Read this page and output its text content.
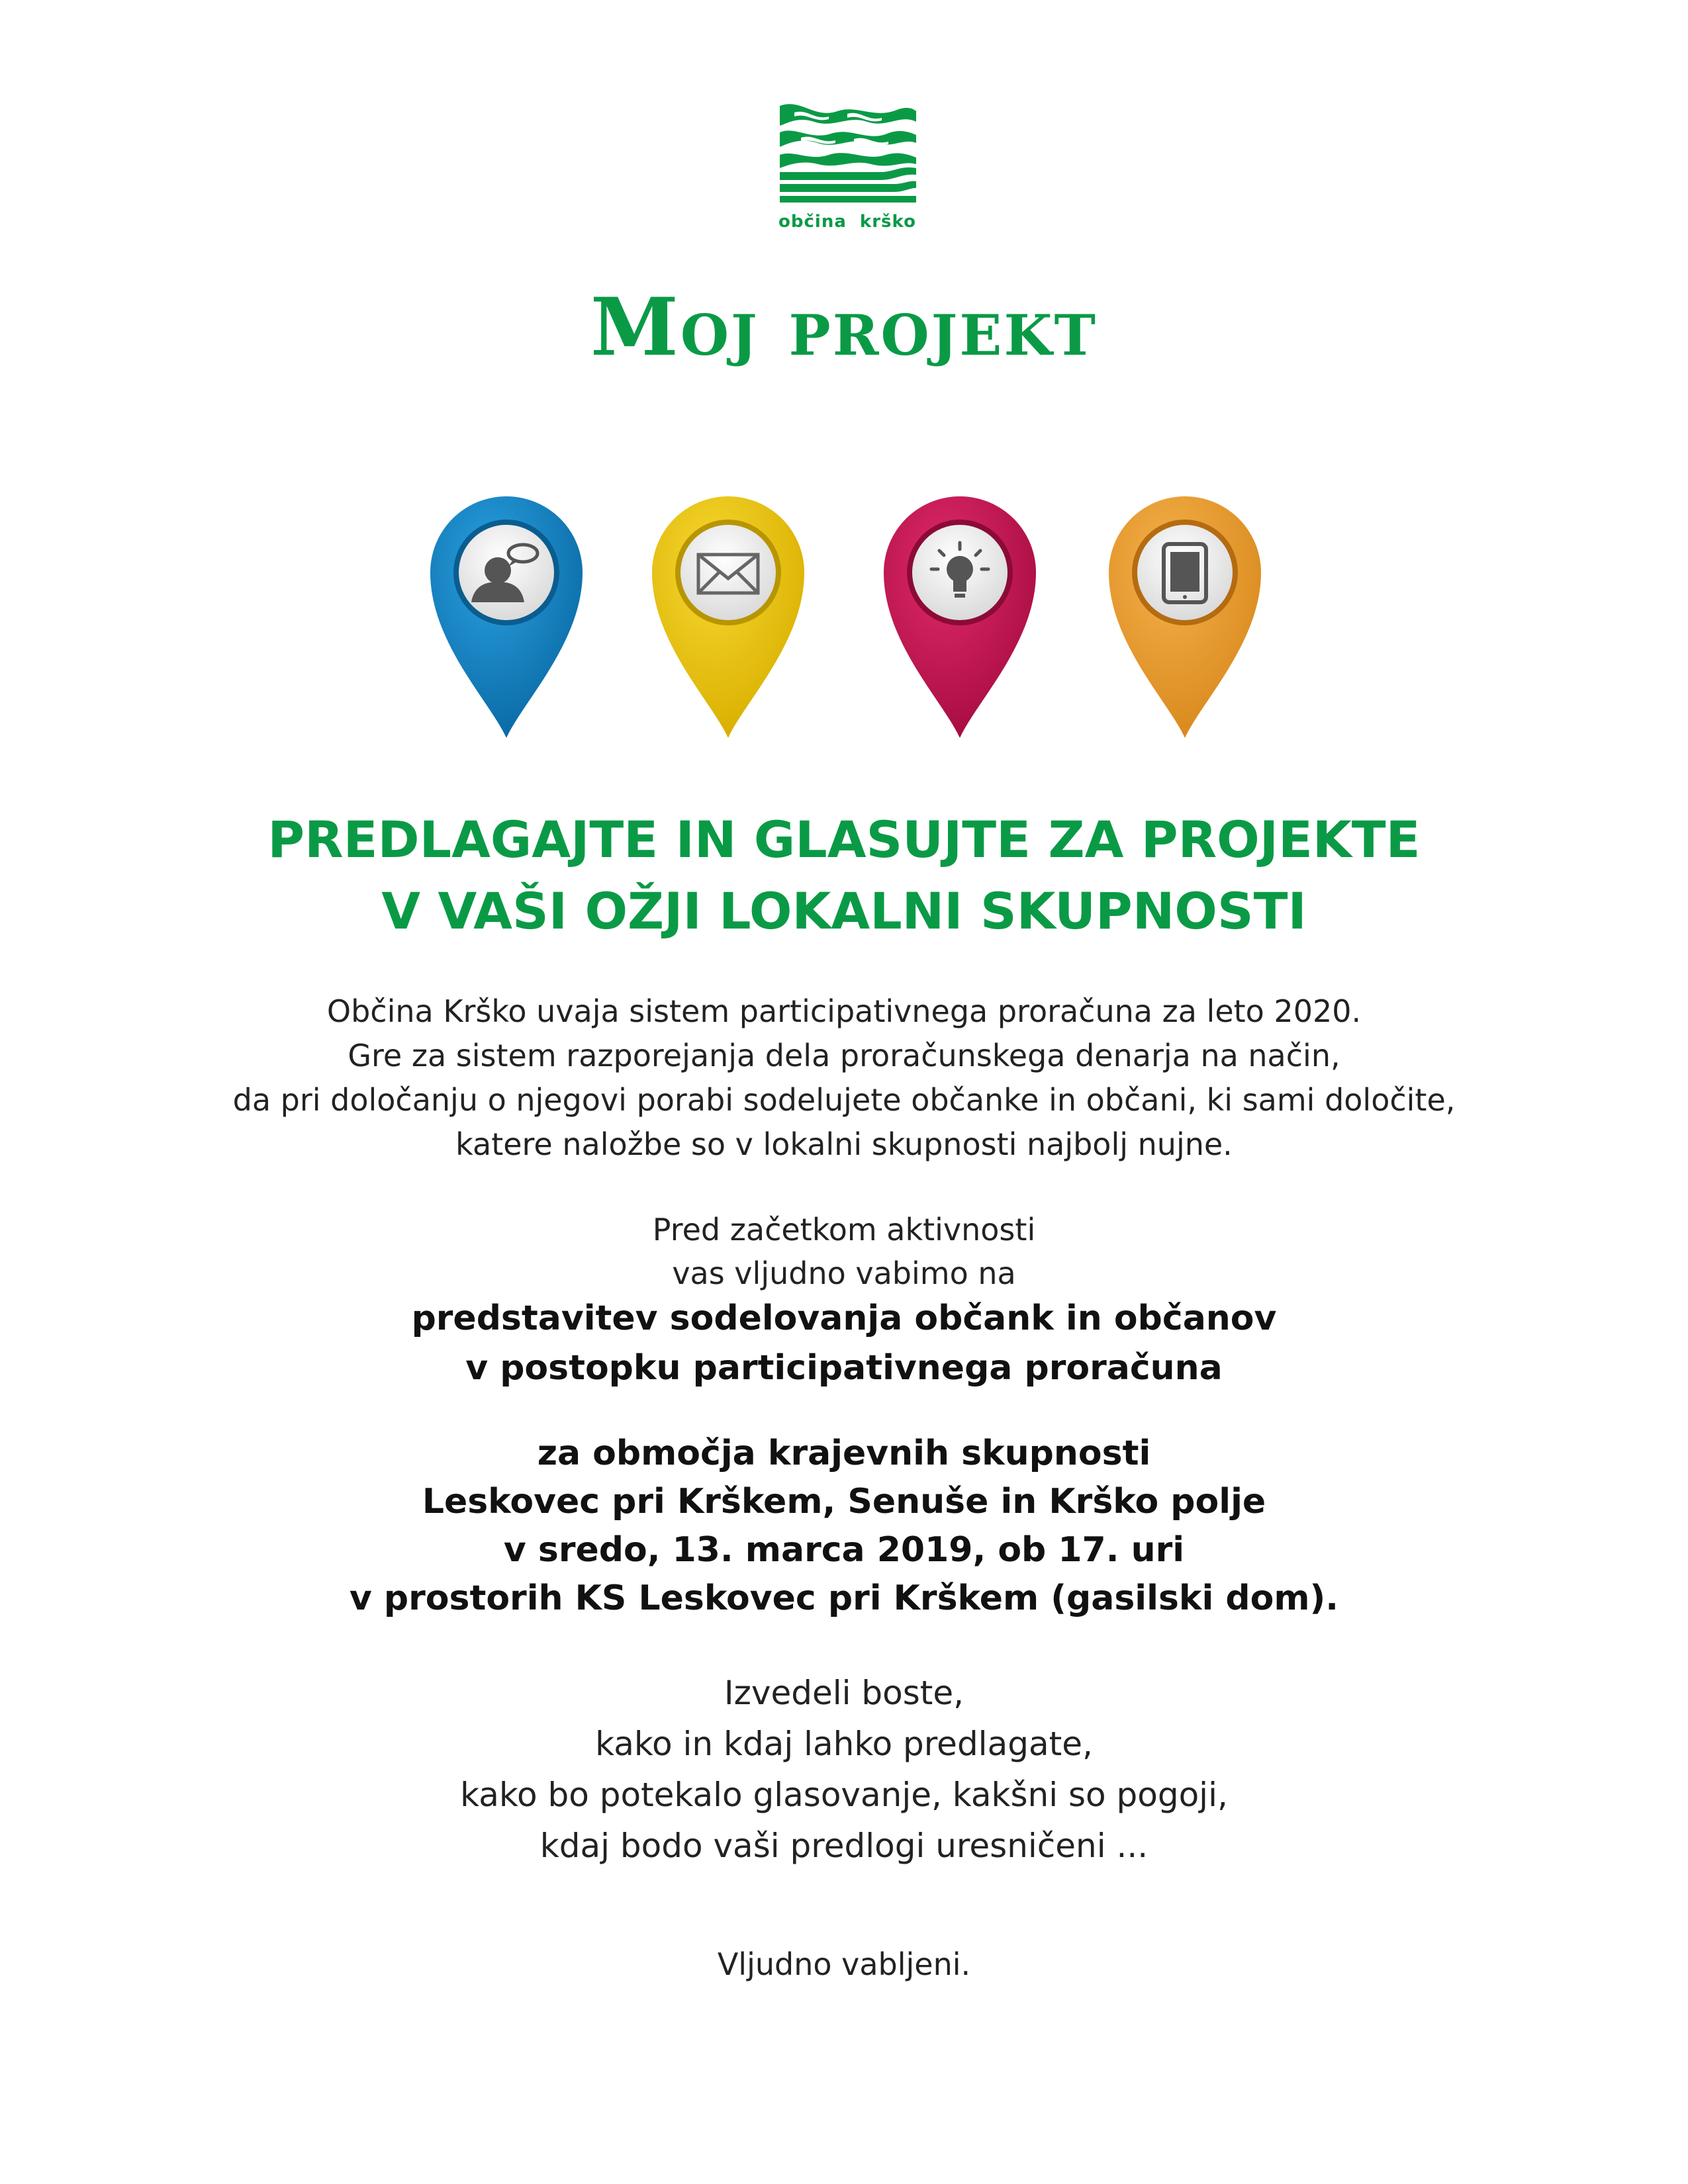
občina krško
Moj projekt
PREDLAGAJTE IN GLASUJTE ZA PROJEKTE
V VAŠI OŽJI LOKALNI SKUPNOSTI
Občina Krško uvaja sistem participativnega proračuna za leto 2020.
Gre za sistem razporejanja dela proračunskega denarja na način,
da pri določanju o njegovi porabi sodelujete občanke in občani, ki sami določite,
katere naložbe so v lokalni skupnosti najbolj nujne.
Pred začetkom aktivnosti
vas vljudno vabimo na
predstavitev sodelovanja občank in občanov
v postopku participativnega proračuna
za območja krajevnih skupnosti
Leskovec pri Krškem, Senuše in Krško polje
v sredo, 13. marca 2019, ob 17. uri
v prostorih KS Leskovec pri Krškem (gasilski dom).
Izvedeli boste,
kako in kdaj lahko predlagate,
kako bo potekalo glasovanje, kakšni so pogoji,
kdaj bodo vaši predlogi uresničeni ...
Vljudno vabljeni.
